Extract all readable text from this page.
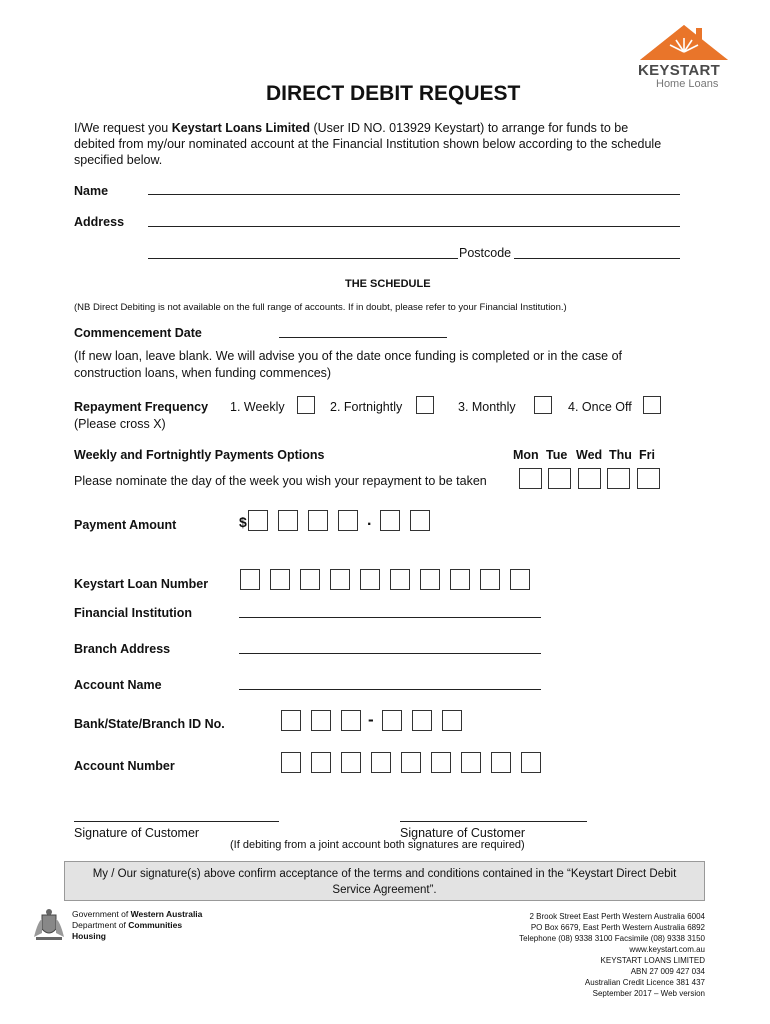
KEYSTART
Home Loans
DIRECT DEBIT REQUEST
I/We request you Keystart Loans Limited (User ID NO. 013929 Keystart) to arrange for funds to be
debited from my/our nominated account at the Financial Institution shown below according to the schedule
specified below.
Name
Address
Postcode
THE SCHEDULE
(NB Direct Debiting is not available on the full range of accounts. If in doubt, please refer to your Financial Institution.)
Commencement Date
(If new loan, leave blank. We will advise you of the date once funding is completed or in the case of
construction loans, when funding commences)
Repayment Frequency
(Please cross X)
1. Weekly	2. Fortnightly	3. Monthly	4. Once Off
Weekly and Fortnightly Payments Options	Mon Tue Wed Thu Fri
Please nominate the day of the week you wish your repayment to be taken
Payment Amount	$	.
Keystart Loan Number
Financial Institution
Branch Address
Account Name
Bank/State/Branch ID No.	-
Account Number
Signature of Customer	Signature of Customer
(If debiting from a joint account both signatures are required)
My / Our signature(s) above confirm acceptance of the terms and conditions contained in the “Keystart Direct Debit
Service Agreement”.
Government of Western Australia
Department of Communities
Housing
2 Brook Street East Perth Western Australia 6004
PO Box 6679, East Perth Western Australia 6892
Telephone (08) 9338 3100 Facsimile (08) 9338 3150
www.keystart.com.au
KEYSTART LOANS LIMITED
ABN 27 009 427 034
Australian Credit Licence 381 437
September 2017 – Web version
